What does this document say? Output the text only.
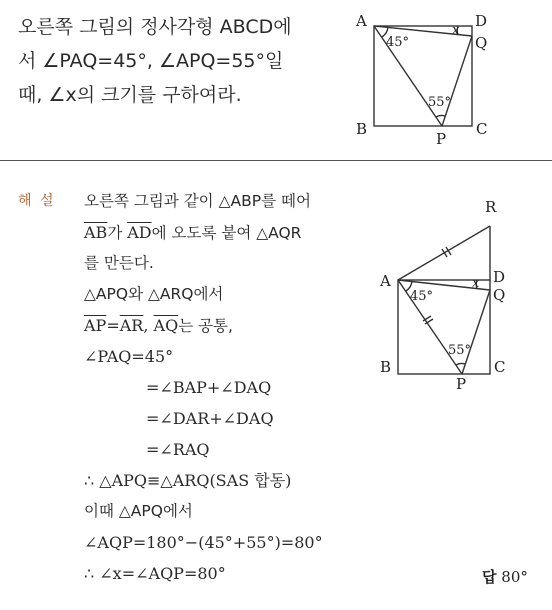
오른쪽 그림의 정사각형 ABCD에
서 ∠PAQ=45°, ∠APQ=55°일
때, ∠x의 크기를 구하여라.
A	D
Q
B	C
P
45°
55°
x
해 설 오른쪽 그림과 같이 △ABP를 떼어
$\overline{AB}$가 $\overline{AD}$에 오도록 붙여 △AQR
를 만든다.
△APQ와 △ARQ에서
$\overline{AP}=\overline{AR}$, $\overline{AQ}$는 공통,
∠PAQ=45°
=∠BAP+∠DAQ
=∠DAR+∠DAQ
=∠RAQ
∴ △APQ≡△ARQ(SAS 합동)
이때 △APQ에서
∠AQP=180°−(45°+55°)=80°
∴ ∠x=∠AQP=80°
R
A	D
Q
B	C
P
45°
55°
x
답 80°
